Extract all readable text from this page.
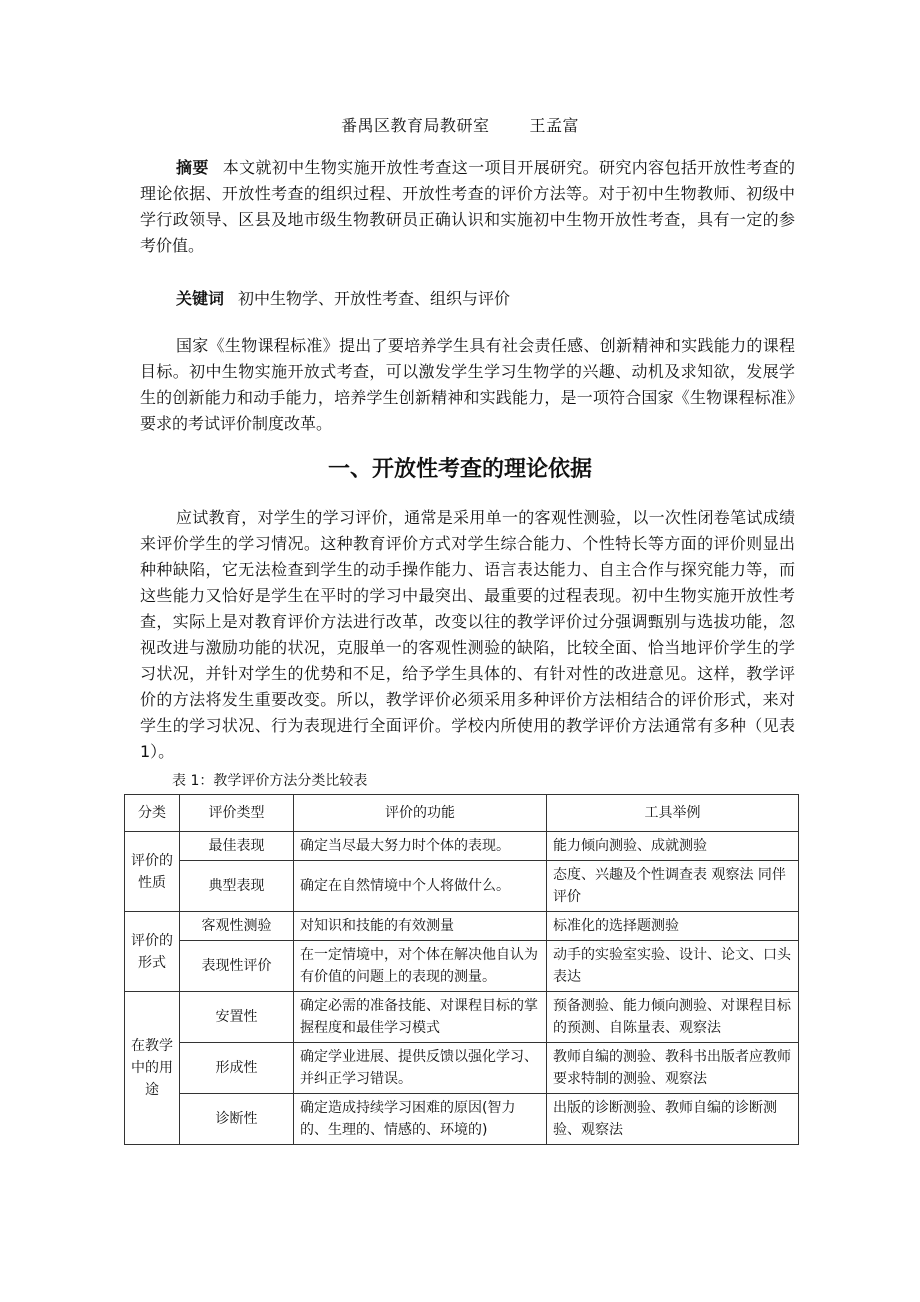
番禺区教育局教研室	王孟富

摘要 本文就初中生物实施开放性考查这一项目开展研究。研究内容包括开放性考查的理论依据、开放性考查的组织过程、开放性考查的评价方法等。对于初中生物教师、初级中学行政领导、区县及地市级生物教研员正确认识和实施初中生物开放性考查，具有一定的参考价值。

关键词 初中生物学、开放性考查、组织与评价

国家《生物课程标准》提出了要培养学生具有社会责任感、创新精神和实践能力的课程目标。初中生物实施开放式考查，可以激发学生学习生物学的兴趣、动机及求知欲，发展学生的创新能力和动手能力，培养学生创新精神和实践能力，是一项符合国家《生物课程标准》要求的考试评价制度改革。

一、开放性考查的理论依据

应试教育，对学生的学习评价，通常是采用单一的客观性测验，以一次性闭卷笔试成绩来评价学生的学习情况。这种教育评价方式对学生综合能力、个性特长等方面的评价则显出种种缺陷，它无法检查到学生的动手操作能力、语言表达能力、自主合作与探究能力等，而这些能力又恰好是学生在平时的学习中最突出、最重要的过程表现。初中生物实施开放性考查，实际上是对教育评价方法进行改革，改变以往的教学评价过分强调甄别与选拔功能，忽视改进与激励功能的状况，克服单一的客观性测验的缺陷，比较全面、恰当地评价学生的学习状况，并针对学生的优势和不足，给予学生具体的、有针对性的改进意见。这样，教学评价的方法将发生重要改变。所以，教学评价必须采用多种评价方法相结合的评价形式，来对学生的学习状况、行为表现进行全面评价。学校内所使用的教学评价方法通常有多种（见表1）。

表 1：教学评价方法分类比较表
分类	评价类型	评价的功能	工具举例
评价的性质	最佳表现	确定当尽最大努力时个体的表现。	能力倾向测验、成就测验
	典型表现	确定在自然情境中个人将做什么。	态度、兴趣及个性调查表 观察法 同伴评价
评价的形式	客观性测验	对知识和技能的有效测量	标准化的选择题测验
	表现性评价	在一定情境中，对个体在解决他自认为有价值的问题上的表现的测量。	动手的实验室实验、设计、论文、口头表达
在教学中的用途	安置性	确定必需的准备技能、对课程目标的掌握程度和最佳学习模式	预备测验、能力倾向测验、对课程目标的预测、自陈量表、观察法
	形成性	确定学业进展、提供反馈以强化学习、并纠正学习错误。	教师自编的测验、教科书出版者应教师要求特制的测验、观察法
	诊断性	确定造成持续学习困难的原因(智力的、生理的、情感的、环境的)	出版的诊断测验、教师自编的诊断测验、观察法
